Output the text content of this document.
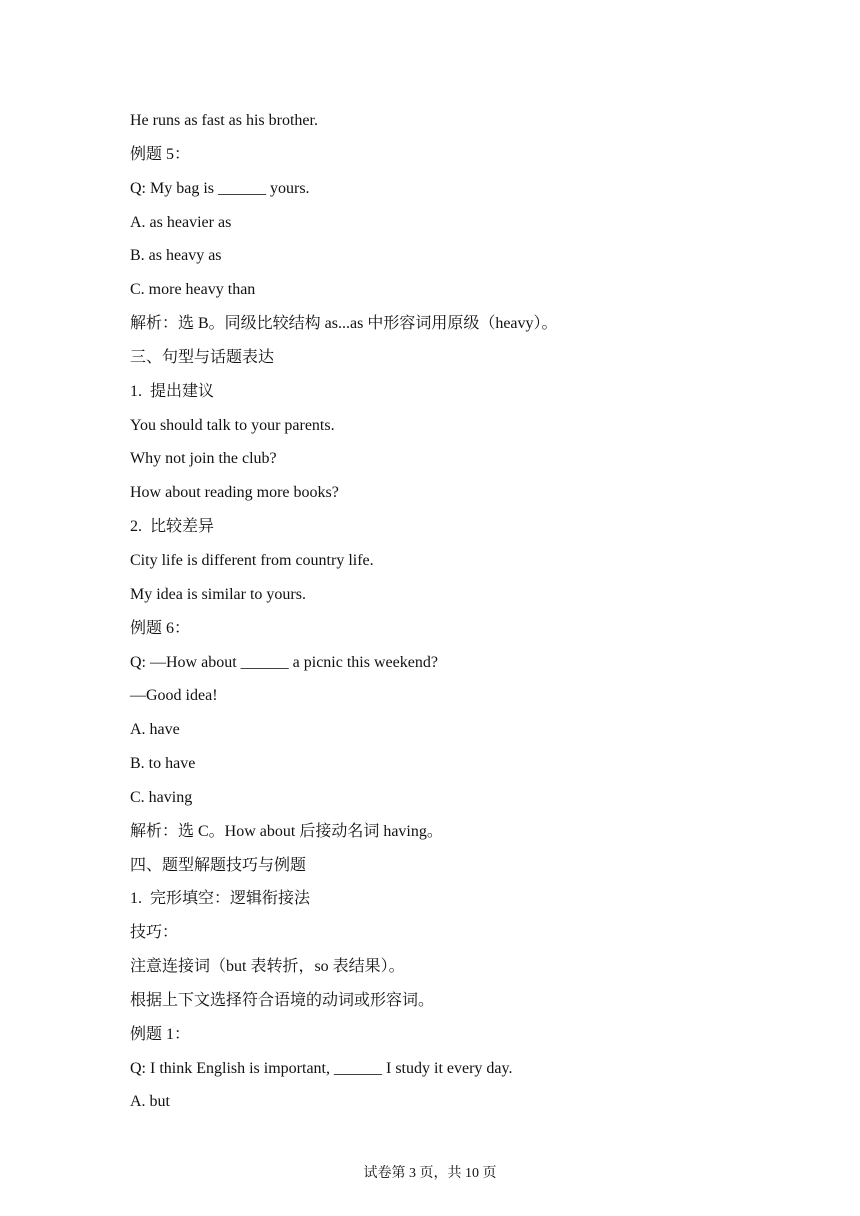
He runs as fast as his brother.
例题 5：
Q: My bag is ______ yours.
A. as heavier as
B. as heavy as
C. more heavy than
解析：选 B。同级比较结构 as...as 中形容词用原级（heavy）。
三、句型与话题表达
1.  提出建议
You should talk to your parents.
Why not join the club?
How about reading more books?
2.  比较差异
City life is different from country life.
My idea is similar to yours.
例题 6：
Q: —How about ______ a picnic this weekend?
—Good idea!
A. have
B. to have
C. having
解析：选 C。How about 后接动名词 having。
四、题型解题技巧与例题
1.  完形填空：逻辑衔接法
技巧：
注意连接词（but 表转折，so 表结果）。
根据上下文选择符合语境的动词或形容词。
例题 1：
Q: I think English is important, ______ I study it every day.
A. but
试卷第 3 页，共 10 页
